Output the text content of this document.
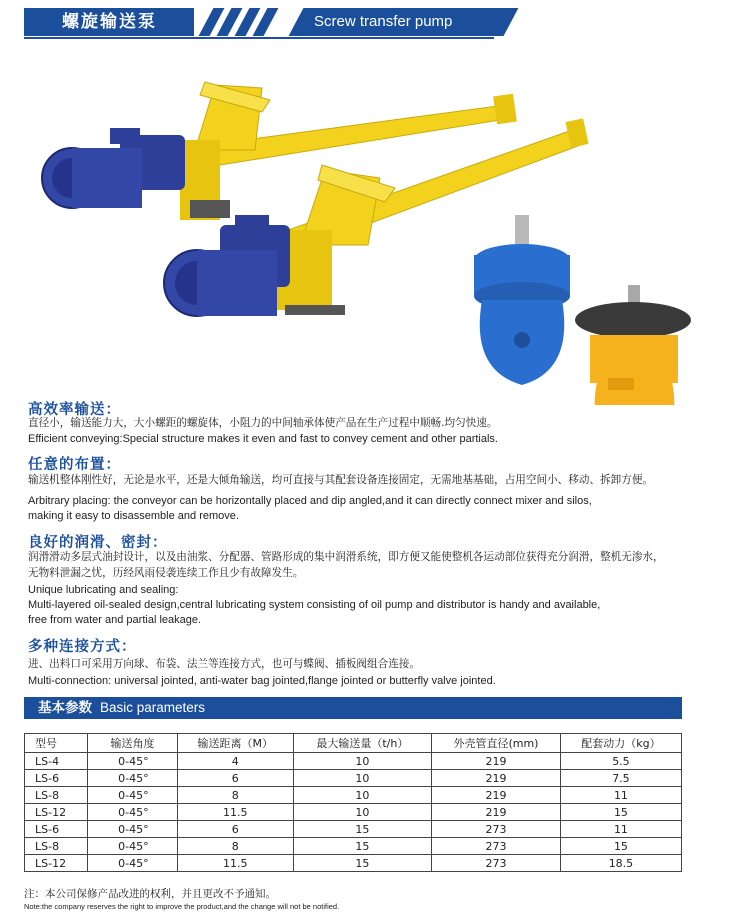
螺旋输送泵	Screw transfer pump
高效率输送：
直径小，输送能力大，大小螺距的螺旋体，小阻力的中间轴承体使产品在生产过程中顺畅.均匀快速。
Efficient conveying:Special structure makes it even and fast to convey cement and other partials.
任意的布置：
输送机整体刚性好，无论是水平，还是大倾角输送，均可直接与其配套设备连接固定，无需地基基础，占用空间小、移动、拆卸方便。
Arbitrary placing: the conveyor can be horizontally placed and dip angled,and it can directly connect mixer and silos,
making it easy to disassemble and remove.
良好的润滑、密封：
润滑滑动多层式油封设计，以及由油浆、分配器、管路形成的集中润滑系统，即方便又能使整机各运动部位获得充分润滑，整机无渗水，
无物料泄漏之忧，历经风雨侵袭连续工作且少有故障发生。
Unique lubricating and sealing:
Multi-layered oil-sealed design,central lubricating system consisting of oil pump and distributor is handy and available,
free from water and partial leakage.
多种连接方式：
进、出料口可采用万向球、布袋、法兰等连接方式，也可与蝶阀、插板阀组合连接。
Multi-connection: universal jointed, anti-water bag jointed,flange jointed or butterfly valve jointed.
基本参数 Basic parameters
型号	输送角度	输送距离（M）	最大输送量（t/h）	外壳管直径(mm)	配套动力（kg）
LS-4	0-45°	4	10	219	5.5
LS-6	0-45°	6	10	219	7.5
LS-8	0-45°	8	10	219	11
LS-12	0-45°	11.5	10	219	15
LS-6	0-45°	6	15	273	11
LS-8	0-45°	8	15	273	15
LS-12	0-45°	11.5	15	273	18.5
注：本公司保修产品改进的权利，并且更改不予通知。
Note:the company reserves the right to improve the product,and the change will not be notified.
